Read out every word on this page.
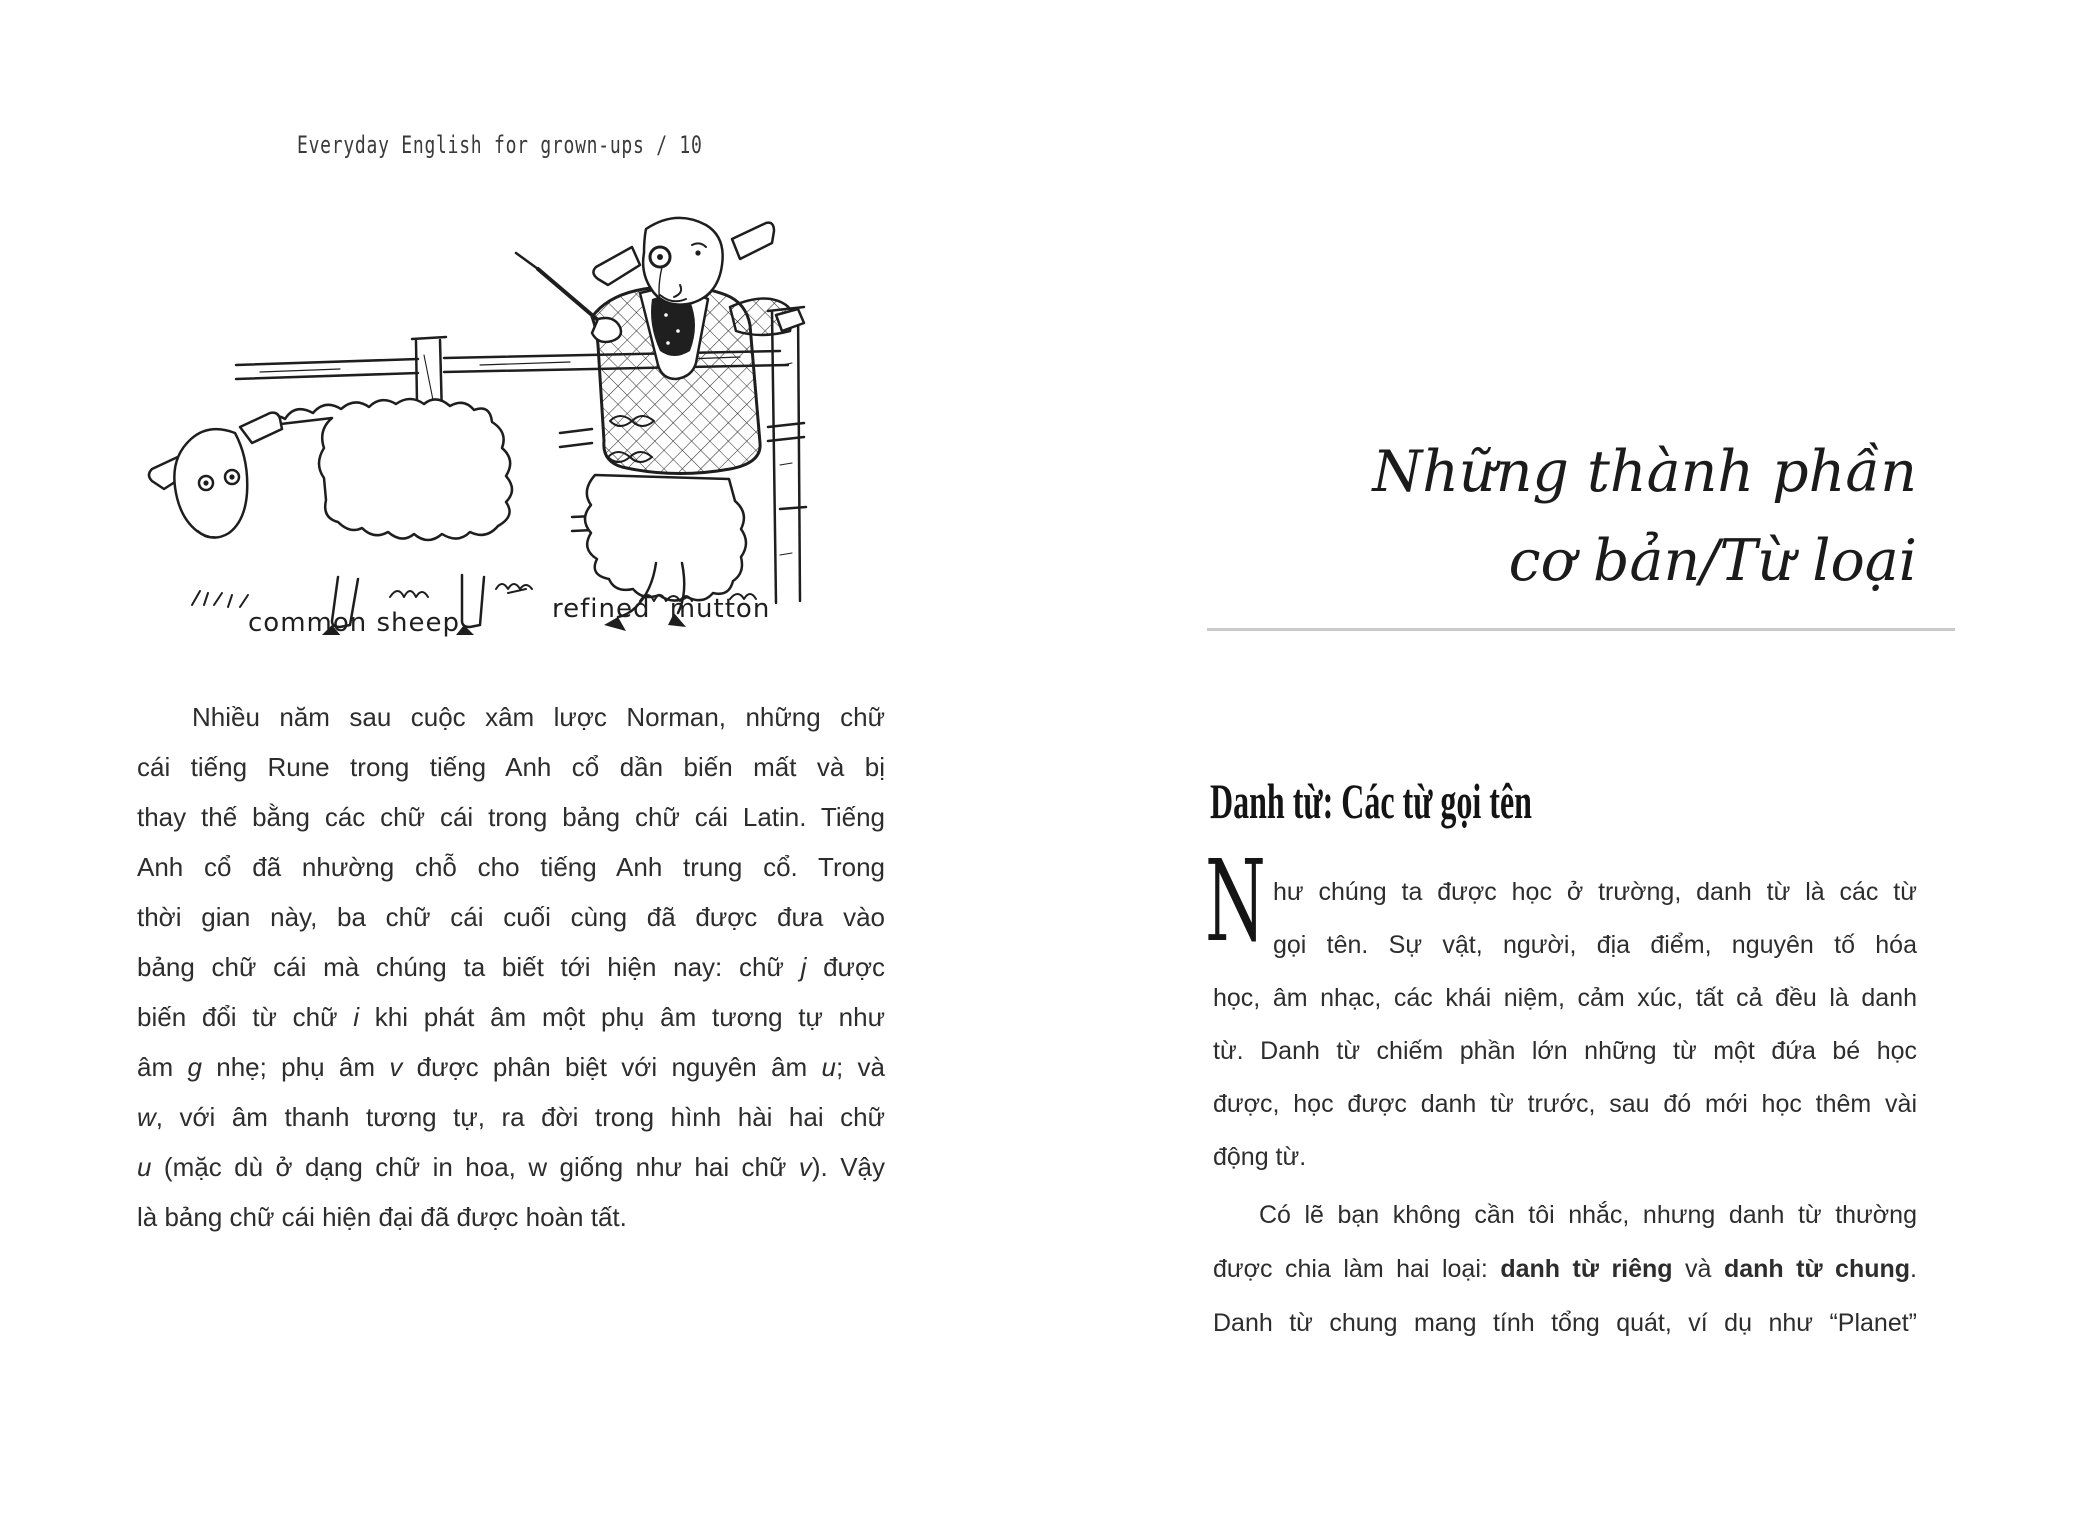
Everyday English for grown-ups / 10
common sheep	refined mutton
Nhiều năm sau cuộc xâm lược Norman, những chữ
cái tiếng Rune trong tiếng Anh cổ dần biến mất và bị
thay thế bằng các chữ cái trong bảng chữ cái Latin. Tiếng
Anh cổ đã nhường chỗ cho tiếng Anh trung cổ. Trong
thời gian này, ba chữ cái cuối cùng đã được đưa vào
bảng chữ cái mà chúng ta biết tới hiện nay: chữ j được
biến đổi từ chữ i khi phát âm một phụ âm tương tự như
âm g nhẹ; phụ âm v được phân biệt với nguyên âm u; và
w, với âm thanh tương tự, ra đời trong hình hài hai chữ
u (mặc dù ở dạng chữ in hoa, w giống như hai chữ v). Vậy
là bảng chữ cái hiện đại đã được hoàn tất.
Những thành phần
cơ bản/Từ loại
Danh từ: Các từ gọi tên
N hư chúng ta được học ở trường, danh từ là các từ
gọi tên. Sự vật, người, địa điểm, nguyên tố hóa
học, âm nhạc, các khái niệm, cảm xúc, tất cả đều là danh
từ. Danh từ chiếm phần lớn những từ một đứa bé học
được, học được danh từ trước, sau đó mới học thêm vài
động từ.
Có lẽ bạn không cần tôi nhắc, nhưng danh từ thường
được chia làm hai loại: danh từ riêng và danh từ chung.
Danh từ chung mang tính tổng quát, ví dụ như “Planet”
